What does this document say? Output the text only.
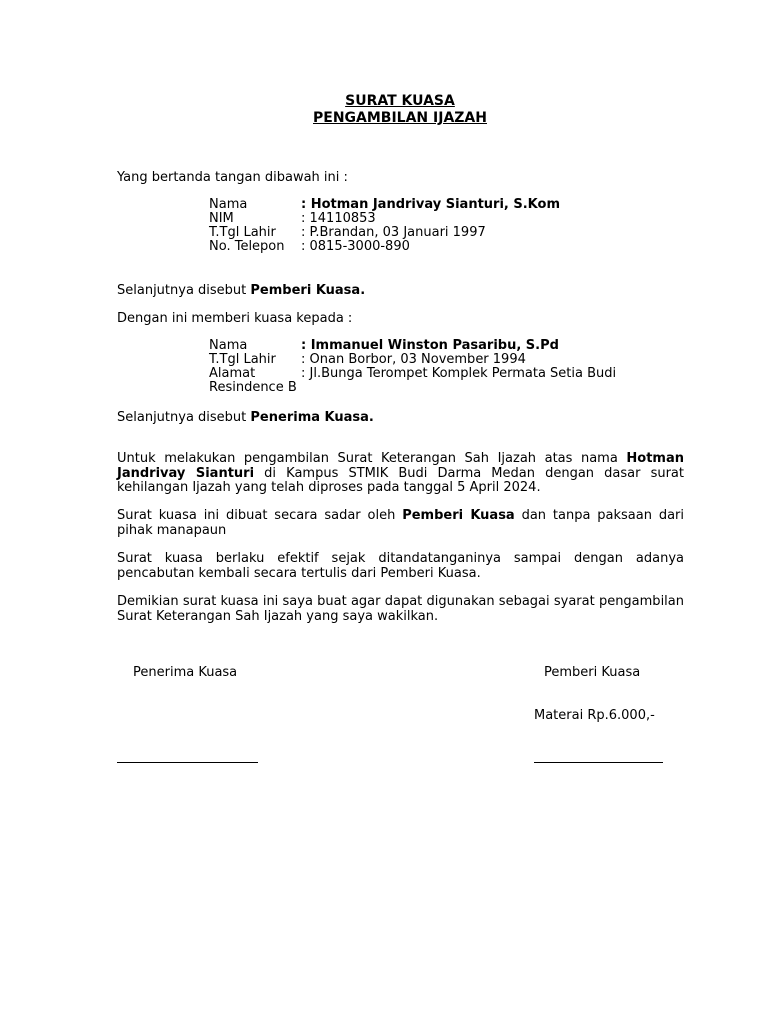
SURAT KUASA
PENGAMBILAN IJAZAH
Yang bertanda tangan dibawah ini :
Nama	: Hotman Jandrivay Sianturi, S.Kom
NIM	: 14110853
T.Tgl Lahir : P.Brandan, 03 Januari 1997
No. Telepon : 0815-3000-890
Selanjutnya disebut Pemberi Kuasa.
Dengan ini memberi kuasa kepada :
Nama	: Immanuel Winston Pasaribu, S.Pd
T.Tgl Lahir : Onan Borbor, 03 November 1994
Alamat	: Jl.Bunga Terompet Komplek Permata Setia Budi
Resindence B
Selanjutnya disebut Penerima Kuasa.
Untuk melakukan pengambilan Surat Keterangan Sah Ijazah atas nama Hotman Jandrivay Sianturi di Kampus STMIK Budi Darma Medan dengan dasar surat kehilangan Ijazah yang telah diproses pada tanggal 5 April 2024.
Surat kuasa ini dibuat secara sadar oleh Pemberi Kuasa dan tanpa paksaan dari pihak manapaun
Surat kuasa berlaku efektif sejak ditandatanganinya sampai dengan adanya pencabutan kembali secara tertulis dari Pemberi Kuasa.
Demikian surat kuasa ini saya buat agar dapat digunakan sebagai syarat pengambilan Surat Keterangan Sah Ijazah yang saya wakilkan.
Penerima Kuasa	Pemberi Kuasa
Materai Rp.6.000,-
